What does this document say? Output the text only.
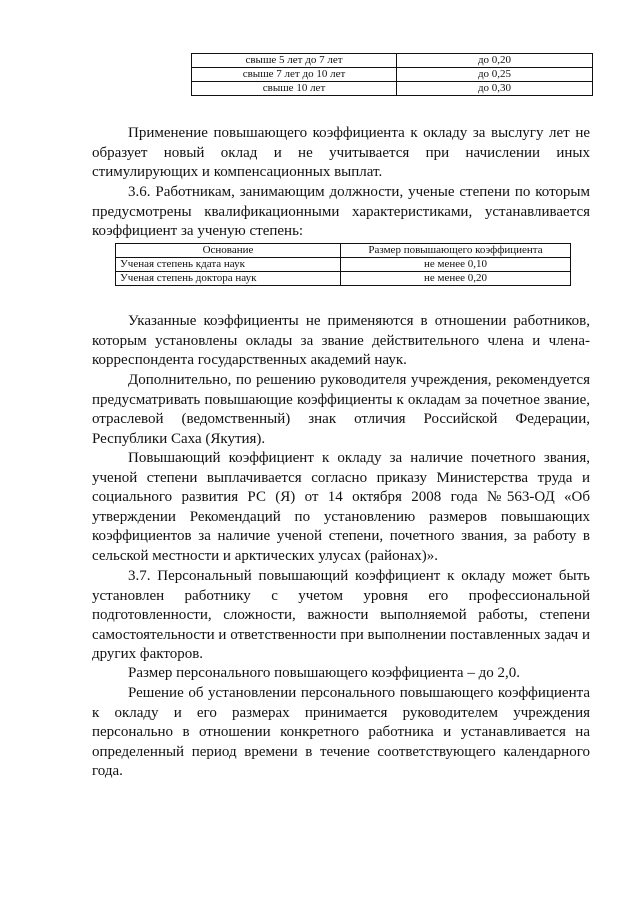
свыше 5 лет до 7 лет	до 0,20
свыше 7 лет до 10 лет	до 0,25
свыше 10 лет	до 0,30

Применение повышающего коэффициента к окладу за выслугу лет не образует новый оклад и не учитывается при начислении иных стимулирующих и компенсационных выплат.

3.6. Работникам, занимающим должности, ученые степени по которым предусмотрены квалификационными характеристиками, устанавливается коэффициент за ученую степень:

Основание	Размер повышающего коэффициента
Ученая степень кдата наук	не менее 0,10
Ученая степень доктора наук	не менее 0,20

Указанные коэффициенты не применяются в отношении работников, которым установлены оклады за звание действительного члена и члена-корреспондента государственных академий наук.

Дополнительно, по решению руководителя учреждения, рекомендуется предусматривать повышающие коэффициенты к окладам за почетное звание, отраслевой (ведомственный) знак отличия Российской Федерации, Республики Саха (Якутия).

Повышающий коэффициент к окладу за наличие почетного звания, ученой степени выплачивается согласно приказу Министерства труда и социального развития РС (Я) от 14 октября 2008 года №563-ОД «Об утверждении Рекомендаций по установлению размеров повышающих коэффициентов за наличие ученой степени, почетного звания, за работу в сельской местности и арктических улусах (районах)».

3.7. Персональный повышающий коэффициент к окладу может быть установлен работнику с учетом уровня его профессиональной подготовленности, сложности, важности выполняемой работы, степени самостоятельности и ответственности при выполнении поставленных задач и других факторов.

Размер персонального повышающего коэффициента – до 2,0.

Решение об установлении персонального повышающего коэффициента к окладу и его размерах принимается руководителем учреждения персонально в отношении конкретного работника и устанавливается на определенный период времени в течение соответствующего календарного года.
